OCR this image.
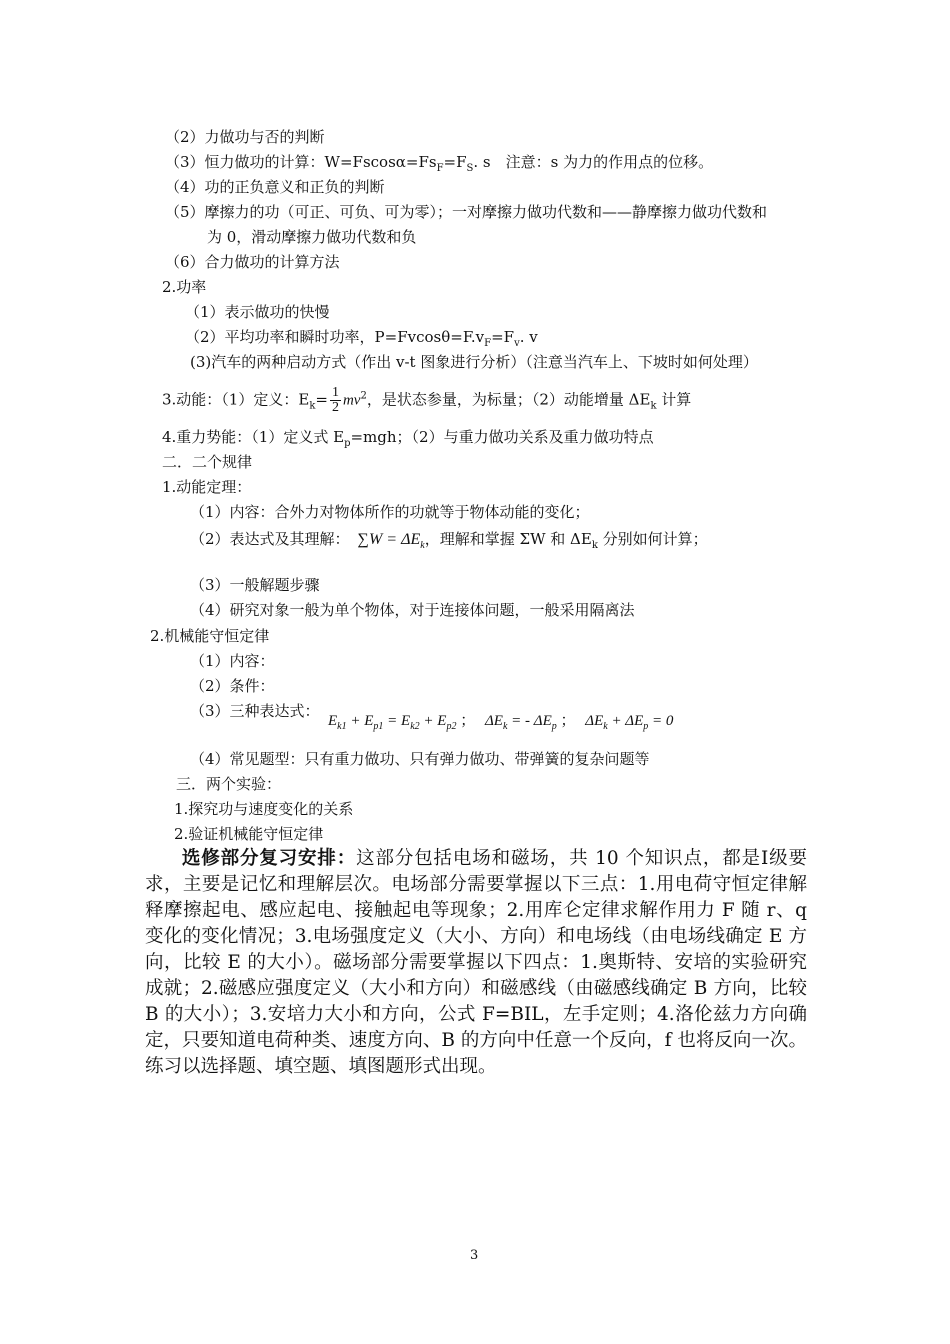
（2）力做功与否的判断
（3）恒力做功的计算：$W=Fscos\alpha=Fs_F=F_S$. s　注意：s 为力的作用点的位移。
（4）功的正负意义和正负的判断
（5）摩擦力的功（可正、可负、可为零）；一对摩擦力做功代数和——静摩擦力做功代数和
为 0，滑动摩擦力做功代数和负
（6）合力做功的计算方法
2.功率
（1）表示做功的快慢
（2）平均功率和瞬时功率，$P=Fvcos\theta=F.v_F=F_v$. v
(3)汽车的两种启动方式（作出 v-t 图象进行分析）（注意当汽车上、下坡时如何处理）
3.动能：（1）定义：$E_k= \frac{1}{2} mv^2$，是状态参量，为标量；（2）动能增量 $\Delta E_k$ 计算
4.重力势能：（1）定义式 $E_p=mgh$；（2）与重力做功关系及重力做功特点
二．二个规律
1.动能定理：
（1）内容：合外力对物体所作的功就等于物体动能的变化；
（2）表达式及其理解： $\sum W = \Delta E_k$，理解和掌握 ΣW 和 $\Delta E_k$ 分别如何计算；
（3）一般解题步骤
（4）研究对象一般为单个物体，对于连接体问题，一般采用隔离法
2.机械能守恒定律
（1）内容：
（2）条件：
（3）三种表达式：
$E_{k1} + E_{p1} = E_{k2} + E_{p2}$ ； $\Delta E_k$ = - $\Delta E_p$ ； $\Delta E_k + \Delta E_p = 0$
（4）常见题型：只有重力做功、只有弹力做功、带弹簧的复杂问题等
三．两个实验：
1.探究功与速度变化的关系
2.验证机械能守恒定律
选修部分复习安排：这部分包括电场和磁场，共 10 个知识点，都是Ⅰ级要求，主要是记忆和理解层次。电场部分需要掌握以下三点：1.用电荷守恒定律解释摩擦起电、感应起电、接触起电等现象；2.用库仑定律求解作用力 F 随 r、q 变化的变化情况；3.电场强度定义（大小、方向）和电场线（由电场线确定 E 方向，比较 E 的大小）。磁场部分需要掌握以下四点：1.奥斯特、安培的实验研究成就；2.磁感应强度定义（大小和方向）和磁感线（由磁感线确定 B 方向，比较 B 的大小）；3.安培力大小和方向，公式 F=BIL，左手定则；4.洛伦兹力方向确定，只要知道电荷种类、速度方向、B 的方向中任意一个反向，f 也将反向一次。练习以选择题、填空题、填图题形式出现。
3
